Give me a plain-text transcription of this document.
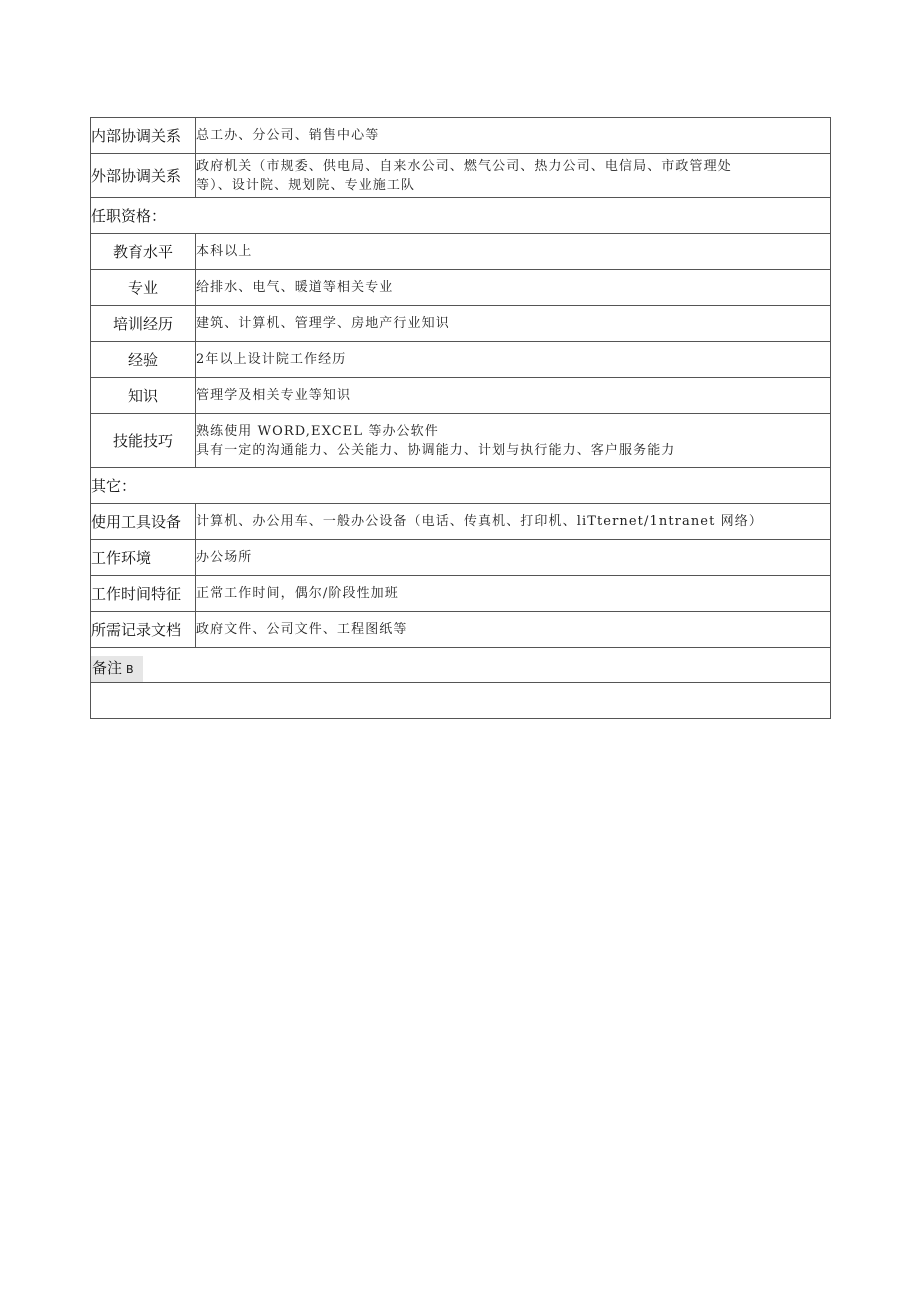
内部协调关系	总工办、分公司、销售中心等
外部协调关系	政府机关（市规委、供电局、自来水公司、燃气公司、热力公司、电信局、市政管理处
等）、设计院、规划院、专业施工队

任职资格：	
教育水平	本科以上
专业	给排水、电气、暖道等相关专业
培训经历	建筑、计算机、管理学、房地产行业知识
经验	2年以上设计院工作经历
知识	管理学及相关专业等知识
技能技巧	熟练使用 WORD,EXCEL 等办公软件
具有一定的沟通能力、公关能力、协调能力、计划与执行能力、客户服务能力

其它：	
使用工具设备	计算机、办公用车、一般办公设备（电话、传真机、打印机、liTternet/1ntranet 网络）
工作环境	办公场所
工作时间特征	正常工作时间，偶尔/阶段性加班
所需记录文档	政府文件、公司文件、工程图纸等
备注 B	
